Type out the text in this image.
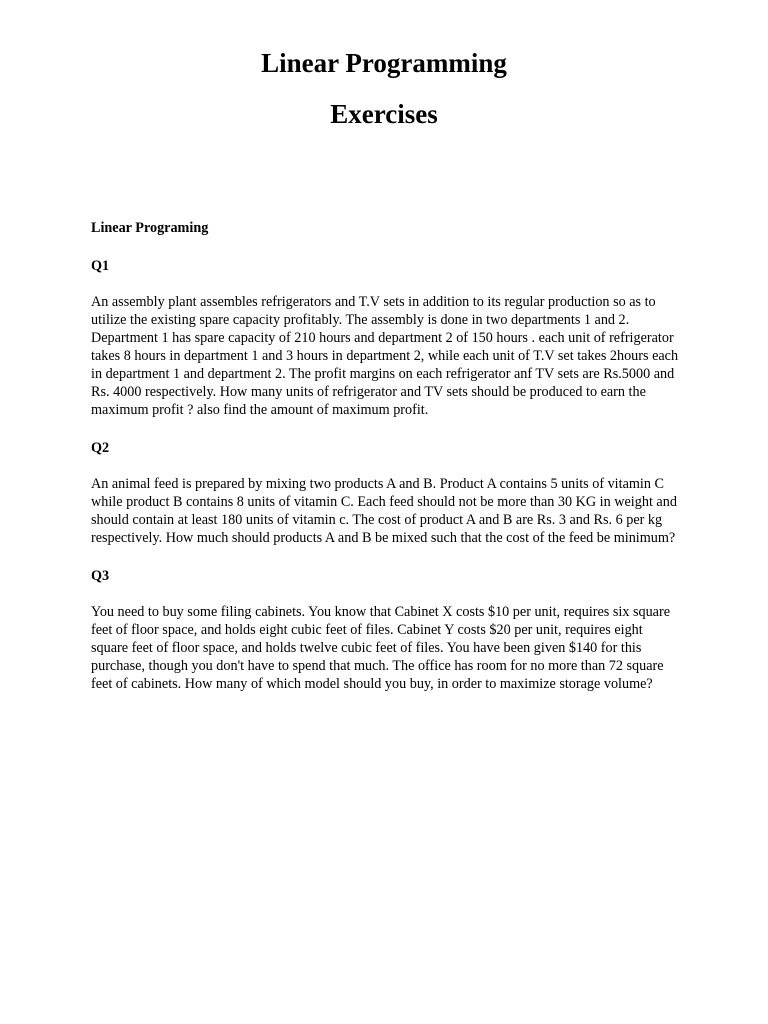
Linear Programming
Exercises

Linear Programing

Q1

An assembly plant assembles refrigerators and T.V sets in addition to its regular production so as to utilize the existing spare capacity profitably. The assembly is done in two departments 1 and 2. Department 1 has spare capacity of 210 hours and department 2 of 150 hours . each unit of refrigerator takes 8 hours in department 1 and 3 hours in department 2, while each unit of T.V set takes 2hours each in department 1 and department 2. The profit margins on each refrigerator anf TV sets are Rs.5000 and Rs. 4000 respectively. How many units of refrigerator and TV sets should be produced to earn the maximum profit ? also find the amount of maximum profit.

Q2

An animal feed is prepared by mixing two products A and B. Product A contains 5 units of vitamin C while product B contains 8 units of vitamin C. Each feed should not be more than 30 KG in weight and should contain at least 180 units of vitamin c. The cost of product A and B are Rs. 3 and Rs. 6 per kg respectively. How much should products A and B be mixed such that the cost of the feed be minimum?

Q3

You need to buy some filing cabinets. You know that Cabinet X costs $10 per unit, requires six square feet of floor space, and holds eight cubic feet of files. Cabinet Y costs $20 per unit, requires eight square feet of floor space, and holds twelve cubic feet of files. You have been given $140 for this purchase, though you don't have to spend that much. The office has room for no more than 72 square feet of cabinets. How many of which model should you buy, in order to maximize storage volume?
